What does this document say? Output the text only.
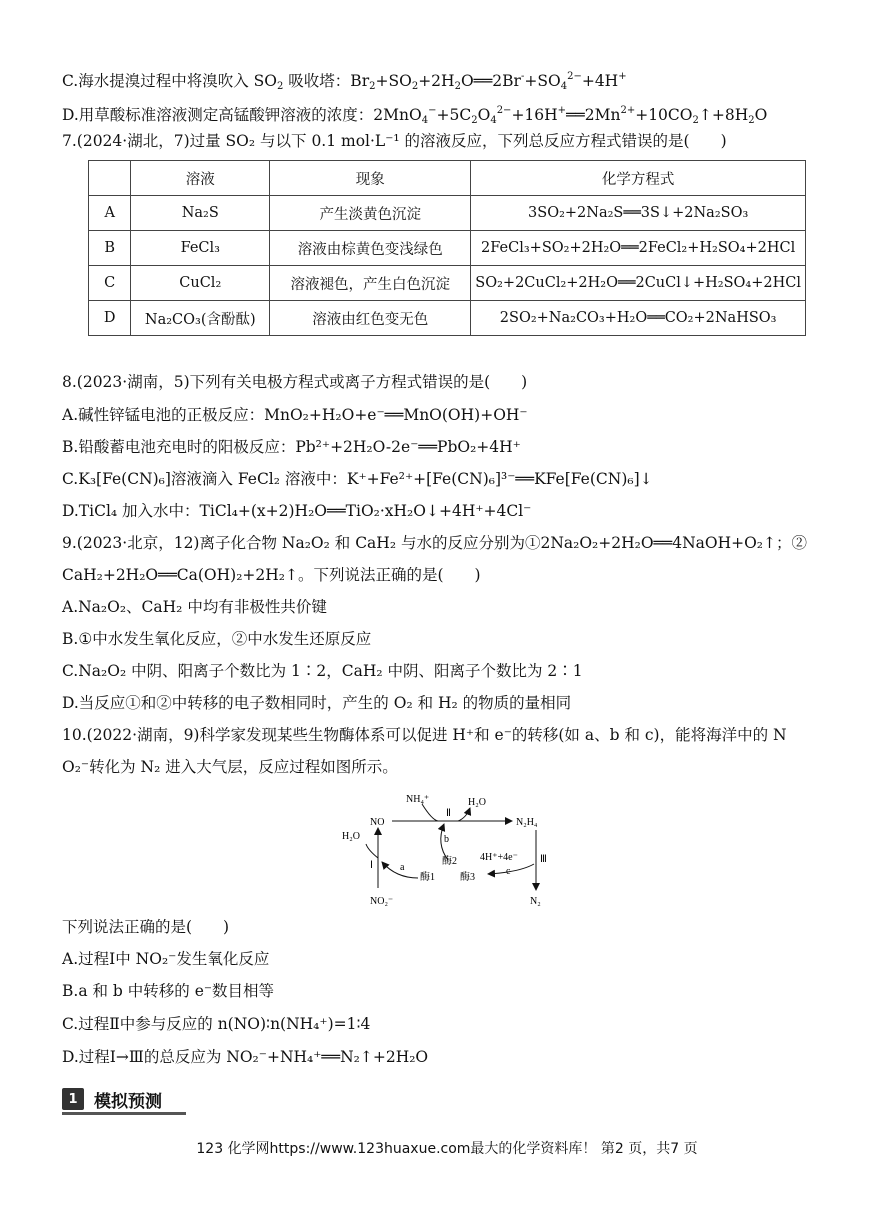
C.海水提溴过程中将溴吹入 $SO_2$ 吸收塔：$Br_2+SO_2+2H_2O══2Br^-+SO_4^{2-}+4H^+$
D.用草酸标准溶液测定高锰酸钾溶液的浓度：$2MnO_4^-+5C_2O_4^{2-}+16H^+══2Mn^{2+}+10CO_2↑+8H_2O$
7.(2024·湖北，7)过量 SO₂ 与以下 0.1 mol·L⁻¹ 的溶液反应，下列总反应方程式错误的是(　　)
	溶液	现象	化学方程式
A	Na₂S	产生淡黄色沉淀	3SO₂+2Na₂S══3S↓+2Na₂SO₃
B	FeCl₃	溶液由棕黄色变浅绿色	2FeCl₃+SO₂+2H₂O══2FeCl₂+H₂SO₄+2HCl
C	CuCl₂	溶液褪色，产生白色沉淀	SO₂+2CuCl₂+2H₂O══2CuCl↓+H₂SO₄+2HCl
D	Na₂CO₃(含酚酞)	溶液由红色变无色	2SO₂+Na₂CO₃+H₂O══CO₂+2NaHSO₃
8.(2023·湖南，5)下列有关电极方程式或离子方程式错误的是(　　)
A.碱性锌锰电池的正极反应：MnO₂+H₂O+e⁻══MnO(OH)+OH⁻
B.铅酸蓄电池充电时的阳极反应：Pb²⁺+2H₂O-2e⁻══PbO₂+4H⁺
C.K₃[Fe(CN)₆]溶液滴入 FeCl₂ 溶液中：K⁺+Fe²⁺+[Fe(CN)₆]³⁻══KFe[Fe(CN)₆]↓
D.TiCl₄ 加入水中：TiCl₄+(x+2)H₂O══TiO₂·xH₂O↓+4H⁺+4Cl⁻
9.(2023·北京，12)离子化合物 Na₂O₂ 和 CaH₂ 与水的反应分别为①2Na₂O₂+2H₂O══4NaOH+O₂↑；②
CaH₂+2H₂O══Ca(OH)₂+2H₂↑。下列说法正确的是(　　)
A.Na₂O₂、CaH₂ 中均有非极性共价键
B.①中水发生氧化反应，②中水发生还原反应
C.Na₂O₂ 中阴、阳离子个数比为 1∶2，CaH₂ 中阴、阳离子个数比为 2∶1
D.当反应①和②中转移的电子数相同时，产生的 O₂ 和 H₂ 的物质的量相同
10.(2022·湖南，9)科学家发现某些生物酶体系可以促进 H⁺和 e⁻的转移(如 a、b 和 c)，能将海洋中的 N
O₂⁻转化为 N₂ 进入大气层，反应过程如图所示。
NH₄⁺	H₂O
Ⅱ
NO	N₂H₄
H₂O	b
Ⅰ	a
酶2
酶1	酶3
4H⁺+4e⁻
c
Ⅲ
NO₂⁻	N₂
下列说法正确的是(　　)
A.过程Ⅰ中 NO₂⁻发生氧化反应
B.a 和 b 中转移的 e⁻数目相等
C.过程Ⅱ中参与反应的 n(NO)∶n(NH₄⁺)=1∶4
D.过程Ⅰ→Ⅲ的总反应为 NO₂⁻+NH₄⁺══N₂↑+2H₂O
1 模拟预测
123 化学网https://www.123huaxue.com最大的化学资料库！ 第2 页，共7 页
